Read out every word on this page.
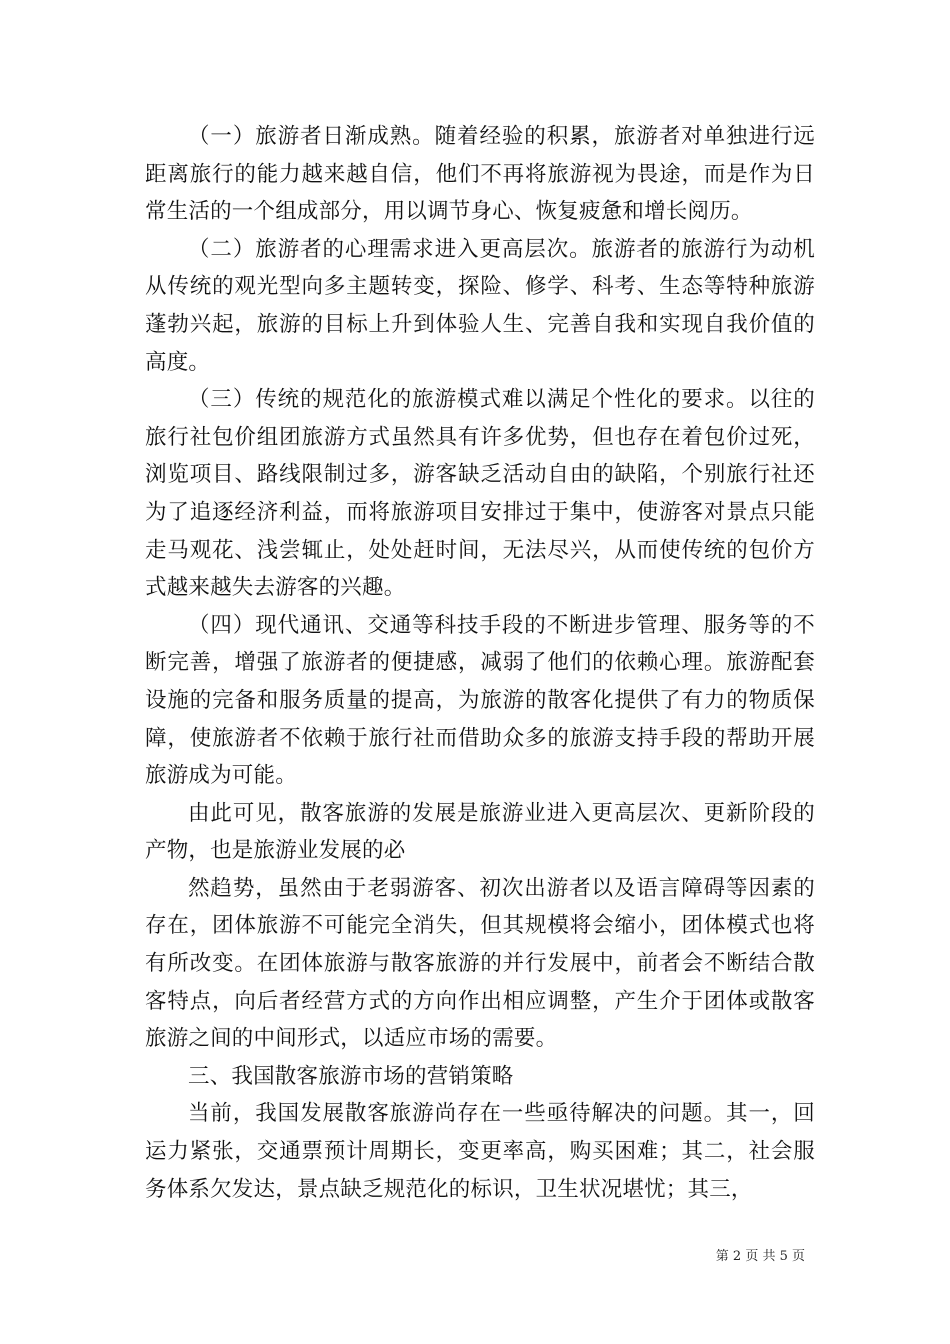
（一）旅游者日渐成熟。随着经验的积累，旅游者对单独进行远距离旅行的能力越来越自信，他们不再将旅游视为畏途，而是作为日常生活的一个组成部分，用以调节身心、恢复疲惫和增长阅历。

（二）旅游者的心理需求进入更高层次。旅游者的旅游行为动机从传统的观光型向多主题转变，探险、修学、科考、生态等特种旅游蓬勃兴起，旅游的目标上升到体验人生、完善自我和实现自我价值的高度。

（三）传统的规范化的旅游模式难以满足个性化的要求。以往的旅行社包价组团旅游方式虽然具有许多优势，但也存在着包价过死，浏览项目、路线限制过多，游客缺乏活动自由的缺陷，个别旅行社还为了追逐经济利益，而将旅游项目安排过于集中，使游客对景点只能走马观花、浅尝辄止，处处赶时间，无法尽兴，从而使传统的包价方式越来越失去游客的兴趣。

（四）现代通讯、交通等科技手段的不断进步管理、服务等的不断完善，增强了旅游者的便捷感，减弱了他们的依赖心理。旅游配套设施的完备和服务质量的提高，为旅游的散客化提供了有力的物质保障，使旅游者不依赖于旅行社而借助众多的旅游支持手段的帮助开展旅游成为可能。

由此可见，散客旅游的发展是旅游业进入更高层次、更新阶段的产物，也是旅游业发展的必

然趋势，虽然由于老弱游客、初次出游者以及语言障碍等因素的存在，团体旅游不可能完全消失，但其规模将会缩小，团体模式也将有所改变。在团体旅游与散客旅游的并行发展中，前者会不断结合散客特点，向后者经营方式的方向作出相应调整，产生介于团体或散客旅游之间的中间形式，以适应市场的需要。

三、我国散客旅游市场的营销策略

当前，我国发展散客旅游尚存在一些亟待解决的问题。其一，回运力紧张，交通票预计周期长，变更率高，购买困难；其二，社会服务体系欠发达，景点缺乏规范化的标识，卫生状况堪忧；其三，

第 2 页 共 5 页
